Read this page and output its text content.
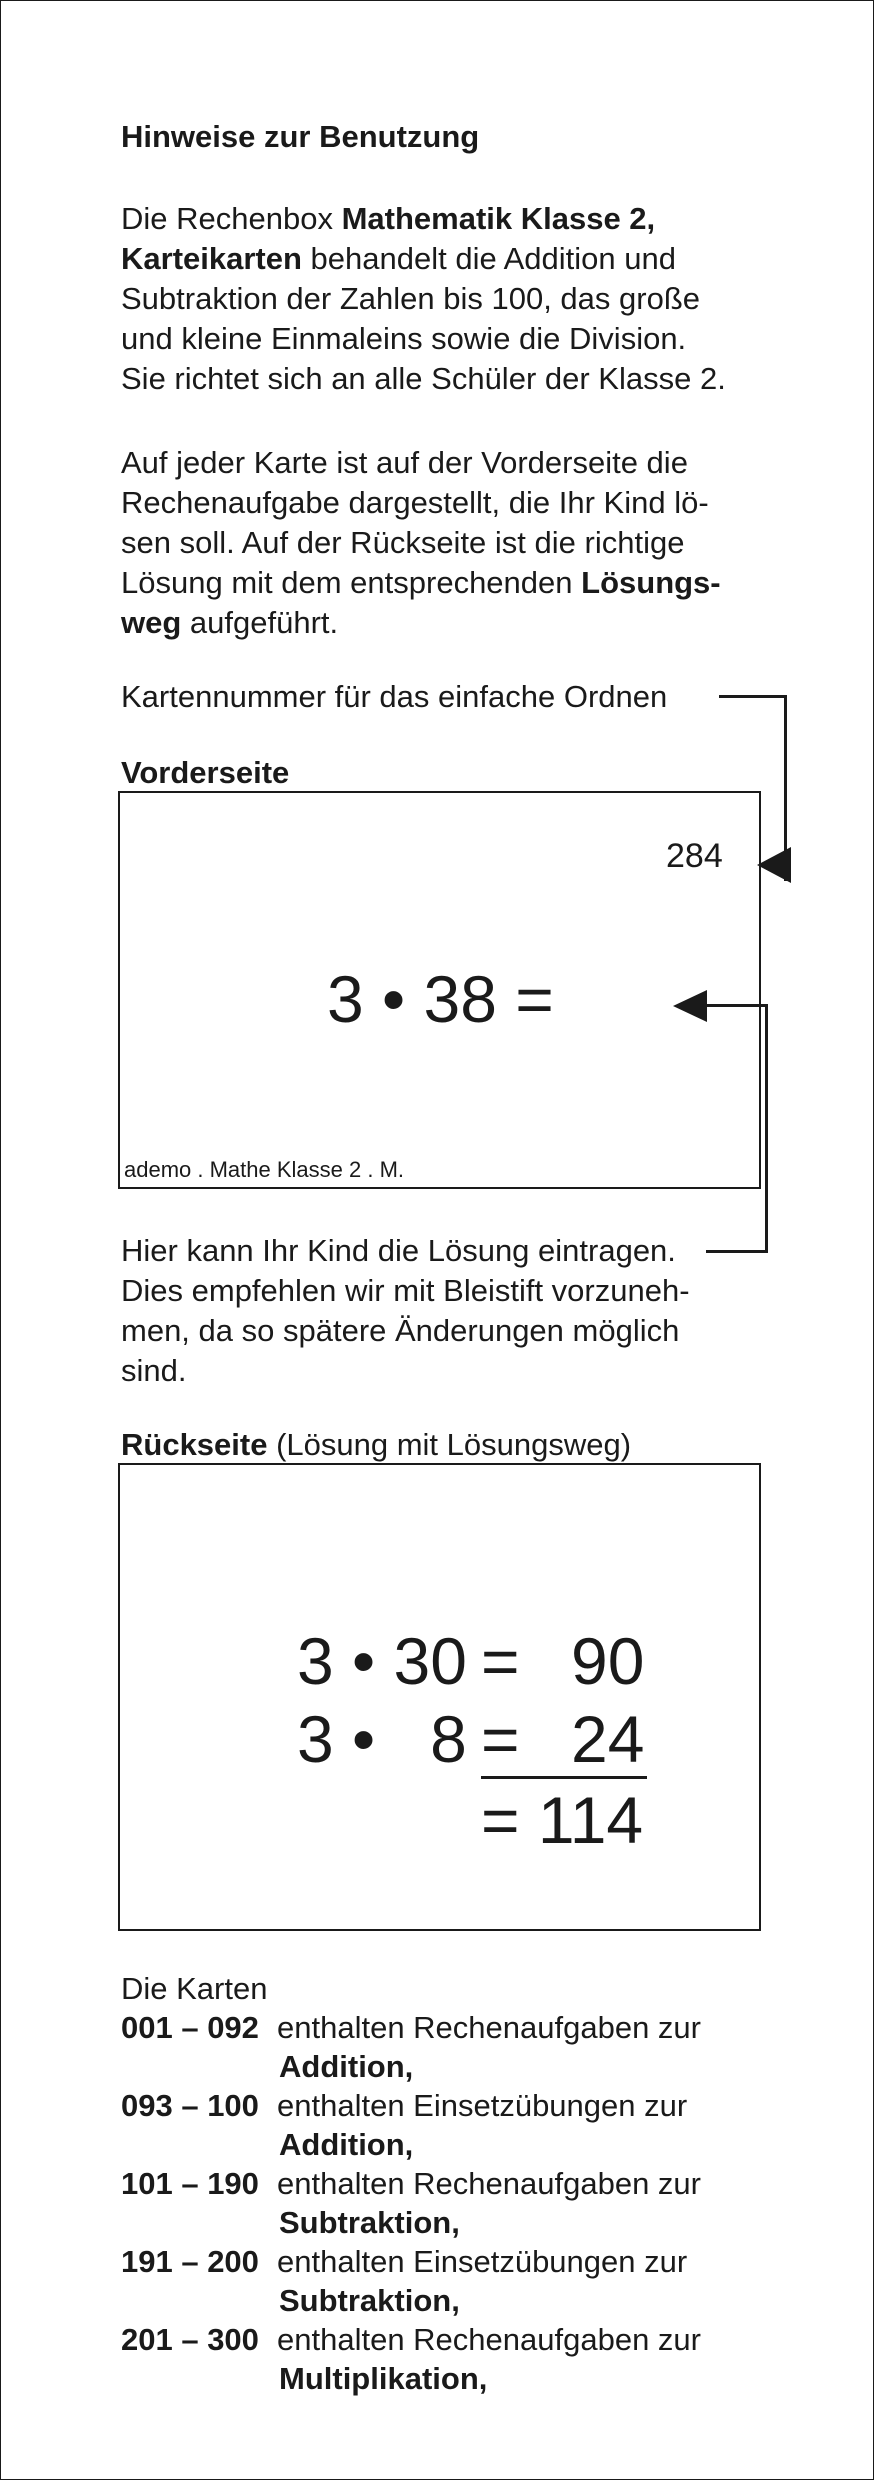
Hinweise zur Benutzung
Die Rechenbox Mathematik Klasse 2,
Karteikarten behandelt die Addition und
Subtraktion der Zahlen bis 100, das große
und kleine Einmaleins sowie die Division.
Sie richtet sich an alle Schüler der Klasse 2.
Auf jeder Karte ist auf der Vorderseite die
Rechenaufgabe dargestellt, die Ihr Kind lö-
sen soll. Auf der Rückseite ist die richtige
Lösung mit dem entsprechenden Lösungs-
weg aufgeführt.
Kartennummer für das einfache Ordnen
Vorderseite
284
3 • 38 =
ademo . Mathe Klasse 2 . M.
Hier kann Ihr Kind die Lösung eintragen.
Dies empfehlen wir mit Bleistift vorzuneh-
men, da so spätere Änderungen möglich
sind.
Rückseite (Lösung mit Lösungsweg)
3 • 30 = 90
3 •   8 = 24
= 114
Die Karten
001 – 092 enthalten Rechenaufgaben zur
Addition,
093 – 100 enthalten Einsetzübungen zur
Addition,
101 – 190 enthalten Rechenaufgaben zur
Subtraktion,
191 – 200 enthalten Einsetzübungen zur
Subtraktion,
201 – 300 enthalten Rechenaufgaben zur
Multiplikation,
